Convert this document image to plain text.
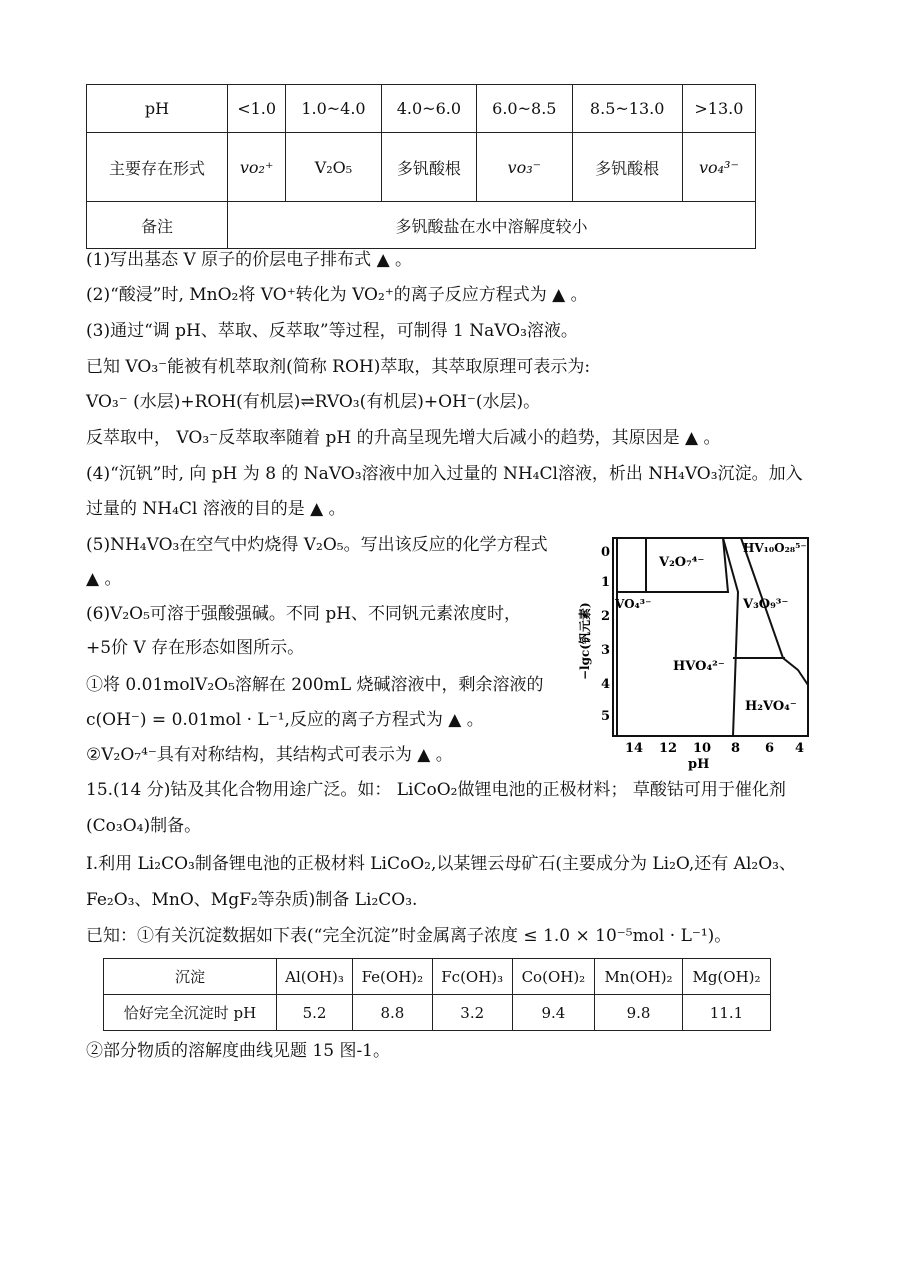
pH	<1.0	1.0~4.0	4.0~6.0	6.0~8.5	8.5~13.0	>13.0
主要存在形式	vo₂⁺	V₂O₅	多钒酸根	vo₃⁻	多钒酸根	vo₄³⁻
备注	多钒酸盐在水中溶解度较小					
(1)写出基态 V 原子的价层电子排布式 ▲ 。
(2)“酸浸”时, MnO₂将 VO⁺转化为 VO₂⁺的离子反应方程式为 ▲ 。
(3)通过“调 pH、萃取、反萃取”等过程，可制得 1 NaVO₃溶液。
已知 VO₃⁻能被有机萃取剂(简称 ROH)萃取，其萃取原理可表示为:
VO₃⁻ (水层)+ROH(有机层)⇌RVO₃(有机层)+OH⁻(水层)。
反萃取中， VO₃⁻反萃取率随着 pH 的升高呈现先增大后减小的趋势，其原因是 ▲ 。
(4)“沉钒”时, 向 pH 为 8 的 NaVO₃溶液中加入过量的 NH₄Cl溶液，析出 NH₄VO₃沉淀。加入
过量的 NH₄Cl 溶液的目的是 ▲ 。
(5)NH₄VO₃在空气中灼烧得 V₂O₅。写出该反应的化学方程式
▲ 。
(6)V₂O₅可溶于强酸强碱。不同 pH、不同钒元素浓度时，
+5价 V 存在形态如图所示。
①将 0.01molV₂O₅溶解在 200mL 烧碱溶液中，剩余溶液的
c(OH⁻) = 0.01mol · L⁻¹,反应的离子方程式为 ▲ 。
②V₂O₇⁴⁻具有对称结构，其结构式可表示为 ▲ 。
15.(14 分)钴及其化合物用途广泛。如： LiCoO₂做锂电池的正极材料； 草酸钴可用于催化剂
(Co₃O₄)制备。
I.利用 Li₂CO₃制备锂电池的正极材料 LiCoO₂,以某锂云母矿石(主要成分为 Li₂O,还有 Al₂O₃、
Fe₂O₃、MnO、MgF₂等杂质)制备 Li₂CO₃.
已知：①有关沉淀数据如下表(“完全沉淀”时金属离子浓度 ≤ 1.0 × 10⁻⁵mol · L⁻¹)。
V₂O₇⁴⁻
HV₁₀O₂₈⁵⁻
VO₄³⁻	V₃O₉³⁻
HVO₄²⁻
H₂VO₄⁻
0
1
2
3
4
5
−lgc(钒元素)
14 12 10 8 6 4
pH
沉淀	Al(OH)₃	Fe(OH)₂	Fc(OH)₃	Co(OH)₂	Mn(OH)₂	Mg(OH)₂
恰好完全沉淀时 pH	5.2	8.8	3.2	9.4	9.8	11.1
②部分物质的溶解度曲线见题 15 图-1。
